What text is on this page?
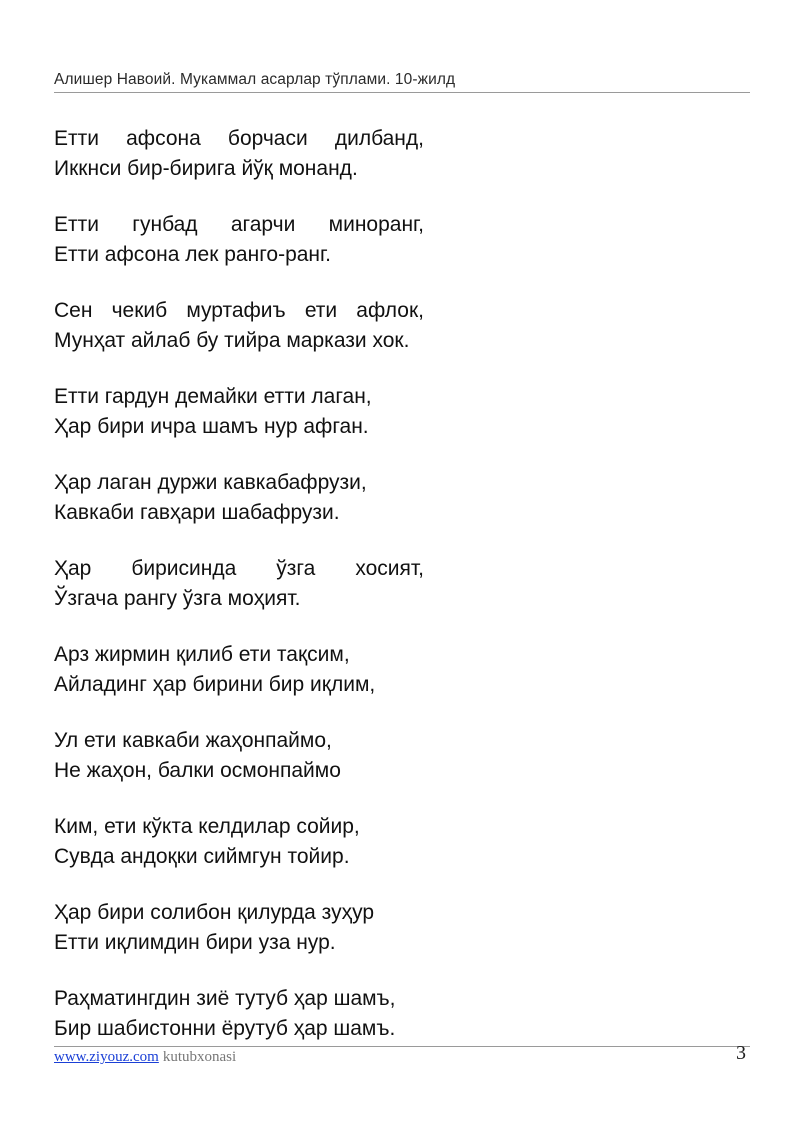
Алишер Навоий. Мукаммал асарлар тўплами. 10-жилд
Етти афсона борчаси дилбанд,
Иккнси бир-бирига йўқ монанд.
Етти гунбад агарчи миноранг,
Етти афсона лек ранго-ранг.
Сен чекиб муртафиъ ети афлок,
Мунҳат айлаб бу тийра маркази хок.
Етти гардун демайки етти лаган,
Ҳар бири ичра шамъ нур афган.
Ҳар лаган дуржи кавкабафрузи,
Кавкаби гавҳари шабафрузи.
Ҳар бирисинда ўзга хосият,
Ўзгача рангу ўзга моҳият.
Арз жирмин қилиб ети тақсим,
Айладинг ҳар бирини бир иқлим,
Ул ети кавкаби жаҳонпаймо,
Не жаҳон, балки осмонпаймо
Ким, ети кўкта келдилар сойир,
Сувда андоқки сиймгун тойир.
Ҳар бири солибон қилурда зуҳур
Етти иқлимдин бири уза нур.
Раҳматингдин зиё тутуб ҳар шамъ,
Бир шабистонни ёрутуб ҳар шамъ.
www.ziyouz.com kutubxonasi	3
